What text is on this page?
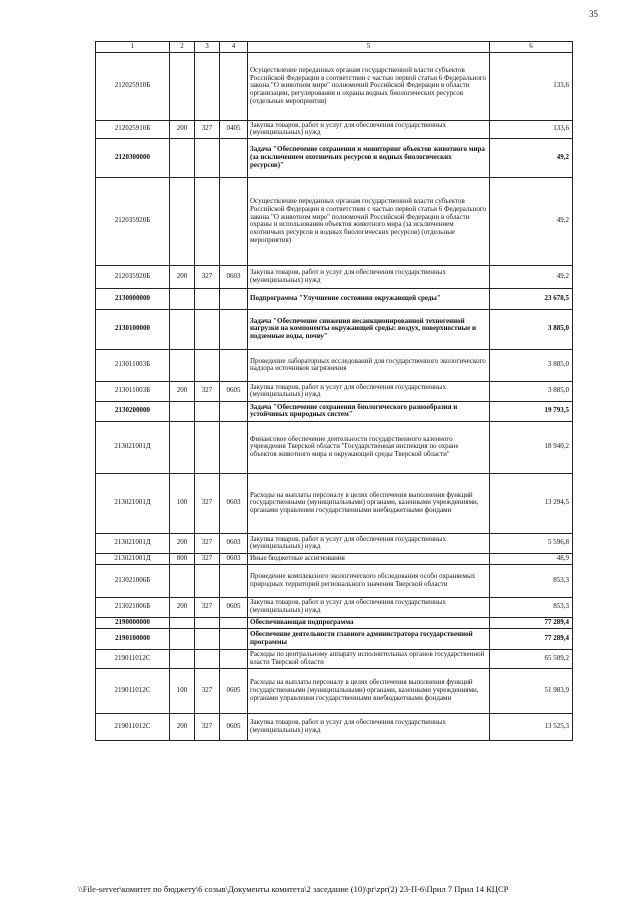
35
1	2	3	4	5	6
212025910Б				Осуществление переданных органам государственной власти субъектов Российской Федерации в соответствии с частью первой статьи 6 Федерального закона "О животном мире" полномочий Российской Федерации в области организации, регулирования и охраны водных биологических ресурсов (отдельные мероприятия)	133,6
212025910Б	200	327	0405	Закупка товаров, работ и услуг для обеспечения государственных (муниципальных) нужд	133,6
2120300000				Задача "Обеспечение сохранения и мониторинг объектов животного мира (за исключением охотничьих ресурсов и водных биологических ресурсов)"	49,2
212035920Б				Осуществление переданных органам государственной власти субъектов Российской Федерации в соответствии с частью первой статьи 6 Федерального закона "О животном мире" полномочий Российской Федерации в области охраны и использования объектов животного мира (за исключением охотничьих ресурсов и водных биологических ресурсов) (отдельные мероприятия)	49,2
212035920Б	200	327	0603	Закупка товаров, работ и услуг для обеспечения государственных (муниципальных) нужд	49,2
2130000000				Подпрограмма "Улучшение состояния окружающей среды"	23 678,5
2130100000				Задача "Обеспечение снижения несанкционированной техногенной нагрузки на компоненты окружающей среды: воздух, поверхностные и подземные воды, почву"	3 885,0
213011003Б				Проведение лабораторных исследований для государственного экологического надзора источников загрязнения	3 885,0
213011003Б	200	327	0605	Закупка товаров, работ и услуг для обеспечения государственных (муниципальных) нужд	3 885,0
2130200000				Задача "Обеспечение сохранения биологического разнообразия и устойчивых природных систем"	19 793,5
213021001Д				Финансовое обеспечение деятельности государственного казенного учреждения Тверской области "Государственная инспекция по охране объектов животного мира и окружающей среды Тверской области"	18 940,2
213021001Д	100	327	0603	Расходы на выплаты персоналу в целях обеспечения выполнения функций государственными (муниципальными) органами, казенными учреждениями, органами управления государственными внебюджетными фондами	13 294,5
213021001Д	200	327	0603	Закупка товаров, работ и услуг для обеспечения государственных (муниципальных) нужд	5 596,8
213021001Д	800	327	0603	Иные бюджетные ассигнования	48,9
213021006Б				Проведение комплексного экологического обследования особо охраняемых природных территорий регионального значения Тверской области	853,3
213021006Б	200	327	0605	Закупка товаров, работ и услуг для обеспечения государственных (муниципальных) нужд	853,3
2190000000				Обеспечивающая подпрограмма	77 289,4
2190100000				Обеспечение деятельности главного администратора государственной программы	77 289,4
219011012С				Расходы по центральному аппарату исполнительных органов государственной власти Тверской области	65 509,2
219011012С	100	327	0605	Расходы на выплаты персоналу в целях обеспечения выполнения функций государственными (муниципальными) органами, казенными учреждениями, органами управления государственными внебюджетными фондами	51 983,9
219011012С	200	327	0605	Закупка товаров, работ и услуг для обеспечения государственных (муниципальных) нужд	13 525,3
\\File-server\комитет по бюджету\6 созыв\Документы комитета\2 заседание (10)\pr\zpr(2) 23-П-6\Прил 7 Прил 14 КЦСР
